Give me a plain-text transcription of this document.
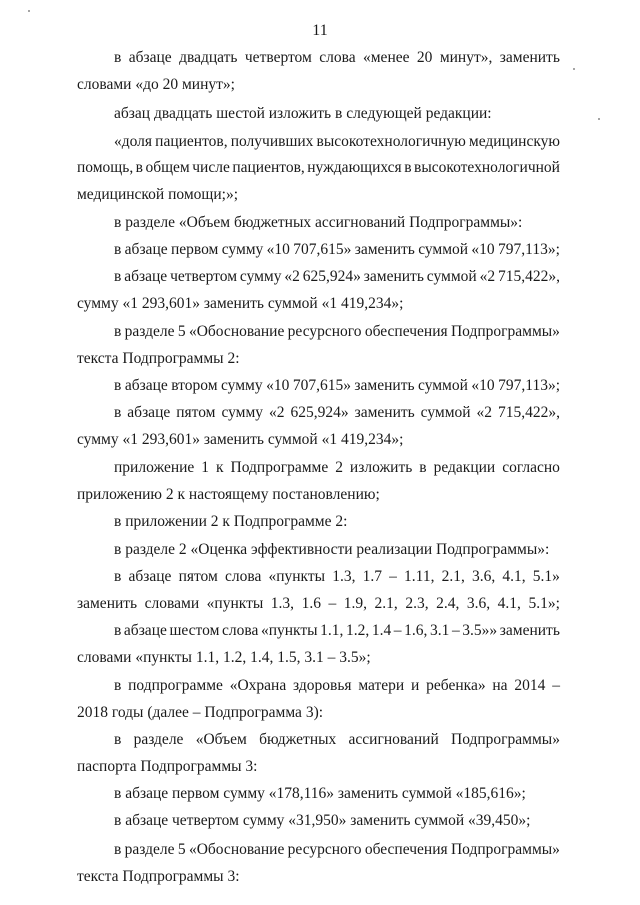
11
в абзаце двадцать четвертом слова «менее 20 минут», заменить
словами «до 20 минут»;
абзац двадцать шестой изложить в следующей редакции:
«доля пациентов, получивших высокотехнологичную медицинскую
помощь, в общем числе пациентов, нуждающихся в высокотехнологичной
медицинской помощи;»;
в разделе «Объем бюджетных ассигнований Подпрограммы»:
в абзаце первом сумму «10 707,615» заменить суммой «10 797,113»;
в абзаце четвертом сумму «2 625,924» заменить суммой «2 715,422»,
сумму «1 293,601» заменить суммой «1 419,234»;
в разделе 5 «Обоснование ресурсного обеспечения Подпрограммы»
текста Подпрограммы 2:
в абзаце втором сумму «10 707,615» заменить суммой «10 797,113»;
в абзаце пятом сумму «2 625,924» заменить суммой «2 715,422»,
сумму «1 293,601» заменить суммой «1 419,234»;
приложение 1 к Подпрограмме 2 изложить в редакции согласно
приложению 2 к настоящему постановлению;
в приложении 2 к Подпрограмме 2:
в разделе 2 «Оценка эффективности реализации Подпрограммы»:
в абзаце пятом слова «пункты 1.3, 1.7 – 1.11, 2.1, 3.6, 4.1, 5.1»
заменить словами «пункты 1.3, 1.6 – 1.9, 2.1, 2.3, 2.4, 3.6, 4.1, 5.1»;
в абзаце шестом слова «пункты 1.1, 1.2, 1.4 – 1.6, 3.1 – 3.5»» заменить
словами «пункты 1.1, 1.2, 1.4, 1.5, 3.1 – 3.5»;
в подпрограмме «Охрана здоровья матери и ребенка» на 2014 –
2018 годы (далее – Подпрограмма 3):
в разделе «Объем бюджетных ассигнований Подпрограммы»
паспорта Подпрограммы 3:
в абзаце первом сумму «178,116» заменить суммой «185,616»;
в абзаце четвертом сумму «31,950» заменить суммой «39,450»;
в разделе 5 «Обоснование ресурсного обеспечения Подпрограммы»
текста Подпрограммы 3:
